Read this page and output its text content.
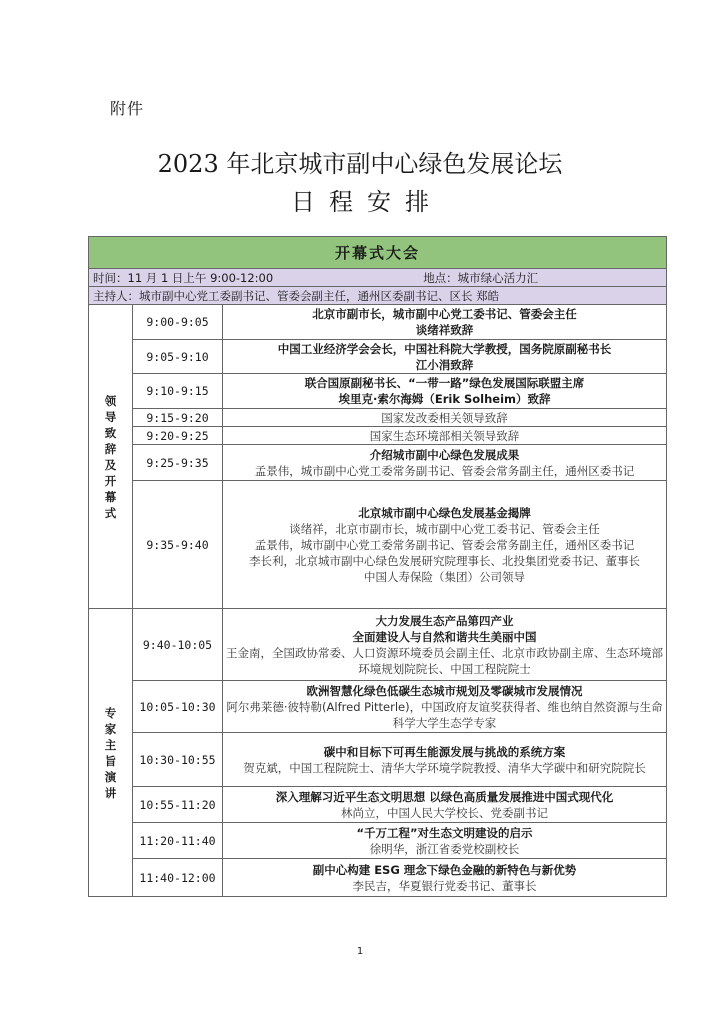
附件
2023 年北京城市副中心绿色发展论坛
日程安排
开幕式大会		

时间：11 月 1 日上午 9:00-12:00 地点：城市绿心活力汇		

主持人：城市副中心党工委副书记、管委会副主任，通州区委副书记、区长 郑皓		

领导致辞及开幕式	9:00-9:05	北京市副市长，城市副中心党工委书记、管委会主任
谈绪祥致辞

	9:05-9:10	中国工业经济学会会长，中国社科院大学教授，国务院原副秘书长
江小涓致辞

	9:10-9:15	联合国原副秘书长、“一带一路”绿色发展国际联盟主席
埃里克·索尔海姆（Erik Solheim）致辞

	9:15-9:20	国家发改委相关领导致辞

	9:20-9:25	国家生态环境部相关领导致辞

	9:25-9:35	介绍城市副中心绿色发展成果
孟景伟，城市副中心党工委常务副书记、管委会常务副主任，通州区委书记

	9:35-9:40	北京城市副中心绿色发展基金揭牌
谈绪祥，北京市副市长，城市副中心党工委书记、管委会主任
孟景伟，城市副中心党工委常务副书记、管委会常务副主任，通州区委书记
李长利，北京城市副中心绿色发展研究院理事长、北投集团党委书记、董事长
中国人寿保险（集团）公司领导

专家主旨演讲	9:40-10:05	大力发展生态产品第四产业
全面建设人与自然和谐共生美丽中国
王金南，全国政协常委、人口资源环境委员会副主任、北京市政协副主席、生态环境部环境规划院院长、中国工程院院士

	10:05-10:30	欧洲智慧化绿色低碳生态城市规划及零碳城市发展情况
阿尔弗莱德·彼特勒(Alfred Pitterle)，中国政府友谊奖获得者、维也纳自然资源与生命科学大学生态学专家

	10:30-10:55	碳中和目标下可再生能源发展与挑战的系统方案
贺克斌，中国工程院院士、清华大学环境学院教授、清华大学碳中和研究院院长

	10:55-11:20	深入理解习近平生态文明思想 以绿色高质量发展推进中国式现代化
林尚立，中国人民大学校长、党委副书记

	11:20-11:40	“千万工程”对生态文明建设的启示
徐明华，浙江省委党校副校长

	11:40-12:00	副中心构建 ESG 理念下绿色金融的新特色与新优势
李民吉，华夏银行党委书记、董事长
1
